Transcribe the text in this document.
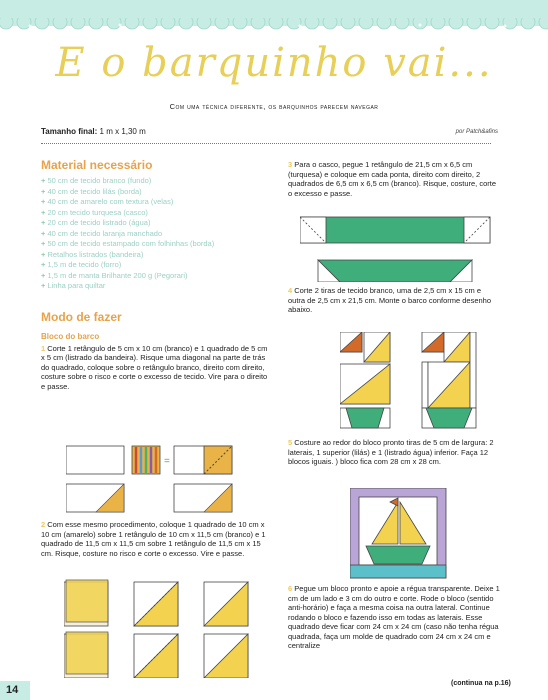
E o barquinho vai...
Com uma técnica diferente, os barquinhos parecem navegar
Tamanho final: 1 m x 1,30 m	por Patch&afins
Material necessário
+ 50 cm de tecido branco (fundo)
+ 40 cm de tecido lilás (borda)
+ 40 cm de amarelo com textura (velas)
+ 20 cm tecido turquesa (casco)
+ 20 cm de tecido listrado (água)
+ 40 cm de tecido laranja manchado
+ 50 cm de tecido estampado com folhinhas (borda)
+ Retalhos listrados (bandeira)
+ 1,5 m de tecido (forro)
+ 1,5 m de manta Brilhante 200 g (Pegorari)
+ Linha para quiltar
Modo de fazer
Bloco do barco

1 Corte 1 retângulo de 5 cm x 10 cm (branco) e 1 quadrado de 5 cm x 5 cm (listrado da bandeira). Risque uma diagonal na parte de trás do quadrado, coloque sobre o retângulo branco, direito com direito, costure sobre o risco e corte o excesso de tecido. Vire para o direito e passe.

=

2 Com esse mesmo procedimento, coloque 1 quadrado de 10 cm x 10 cm (amarelo) sobre 1 retângulo de 10 cm x 11,5 cm (branco) e 1 quadrado de 11,5 cm x 11,5 cm sobre 1 retângulo de 11,5 cm x 15 cm. Risque, costure no risco e corte o excesso. Vire e passe.

3 Para o casco, pegue 1 retângulo de 21,5 cm x 6,5 cm (turquesa) e coloque em cada ponta, direito com direito, 2 quadrados de 6,5 cm x 6,5 cm (branco). Risque, costure, corte o excesso e passe.

4 Corte 2 tiras de tecido branco, uma de 2,5 cm x 15 cm e outra de 2,5 cm x 21,5 cm. Monte o barco conforme desenho abaixo.

5 Costure ao redor do bloco pronto tiras de 5 cm de largura: 2 laterais, 1 superior (lilás) e 1 (listrado água) inferior. Faça 12 blocos iguais. ) bloco fica com 28 cm x 28 cm.

6 Pegue um bloco pronto e apoie a régua transparente. Deixe 1 cm de um lado e 3 cm do outro e corte. Rode o bloco (sentido anti-horário) e faça a mesma coisa na outra lateral. Continue rodando o bloco e fazendo isso em todas as laterais. Esse quadrado deve ficar com 24 cm x 24 cm (caso não tenha régua quadrada, faça um molde de quadrado com 24 cm x 24 cm e centralize

(continua na p.16)
14
